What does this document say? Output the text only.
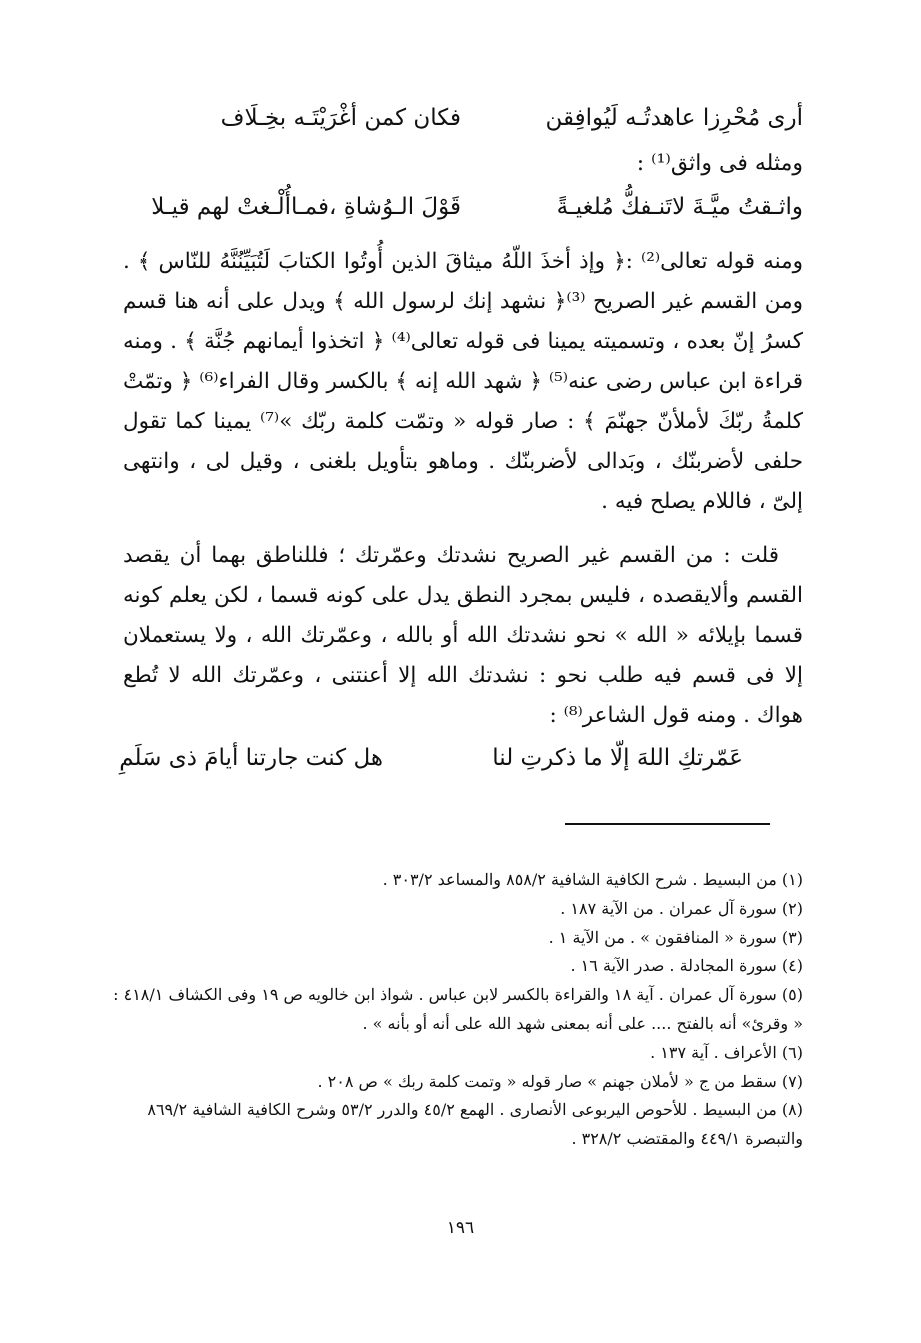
أرى مُحْرِزا عاهدتُـه لَيُوافِقن
فكان كمن أغْرَيْتَـه بخِـلَاف
ومثله فى واثق⁽¹⁾ :
واثـقتُ ميَّـةَ لاتَنـفكُّ مُلغيـةً
قَوْلَ الـوُشاةِ ،فمـاأُلْـغتْ لهم قيـلا

ومنه قوله تعالى⁽²⁾ :﴿ وإذ أخذَ اللّهُ ميثاقَ الذين أُوتُوا الكتابَ لَتُبَيِّنُنَّهُ للنّاس ﴾ . ومن القسم غير الصريح ⁽³⁾﴿ نشهد إنك لرسول الله ﴾ ويدل على أنه هنا قسم كسرُ إنّ بعده ، وتسميته يمينا فى قوله تعالى⁽⁴⁾ ﴿ اتخذوا أيمانهم جُنَّة ﴾ . ومنه قراءة ابن عباس رضى عنه⁽⁵⁾ ﴿ شهد الله إنه ﴾ بالكسر وقال الفراء⁽⁶⁾ ﴿ وتمّتْ كلمةُ ربّكَ لأملأنّ جهنّمَ ﴾ : صار قوله « وتمّت كلمة ربّك »⁽⁷⁾ يمينا كما تقول حلفى لأضربنّك ، وبَدالى لأضربنّك . وماهو بتأويل بلغنى ، وقيل لى ، وانتهى إلىّ ، فاللام يصلح فيه .

قلت : من القسم غير الصريح نشدتك وعمّرتك ؛ فللناطق بهما أن يقصد القسم وألايقصده ، فليس بمجرد النطق يدل على كونه قسما ، لكن يعلم كونه قسما بإيلائه « الله » نحو نشدتك الله أو بالله ، وعمّرتك الله ، ولا يستعملان إلا فى قسم فيه طلب نحو : نشدتك الله إلا أعنتنى ، وعمّرتك الله لا تُطع هواك . ومنه قول الشاعر⁽⁸⁾ :

عَمّرتكِ اللهَ إلّا ما ذكرتِ لنا
هل كنت جارتنا أيامَ ذى سَلَمِ
(١) من البسيط . شرح الكافية الشافية ٨٥٨/٢ والمساعد ٣٠٣/٢ .
(٢) سورة آل عمران . من الآية ١٨٧ .
(٣) سورة « المنافقون » . من الآية ١ .
(٤) سورة المجادلة . صدر الآية ١٦ .
(٥) سورة آل عمران . آية ١٨ والقراءة بالكسر لابن عباس . شواذ ابن خالويه ص ١٩ وفى الكشاف ٤١٨/١ :
« وقرئ» أنه بالفتح .... على أنه بمعنى شهد الله على أنه أو بأنه » .
(٦) الأعراف . آية ١٣٧ .
(٧) سقط من ج « لأملان جهنم » صار قوله « وتمت كلمة ربك » ص ٢٠٨ .
(٨) من البسيط . للأحوص اليربوعى الأنصارى . الهمع ٤٥/٢ والدرر ٥٣/٢ وشرح الكافية الشافية ٨٦٩/٢
والتبصرة ٤٤٩/١ والمقتضب ٣٢٨/٢ .
١٩٦
